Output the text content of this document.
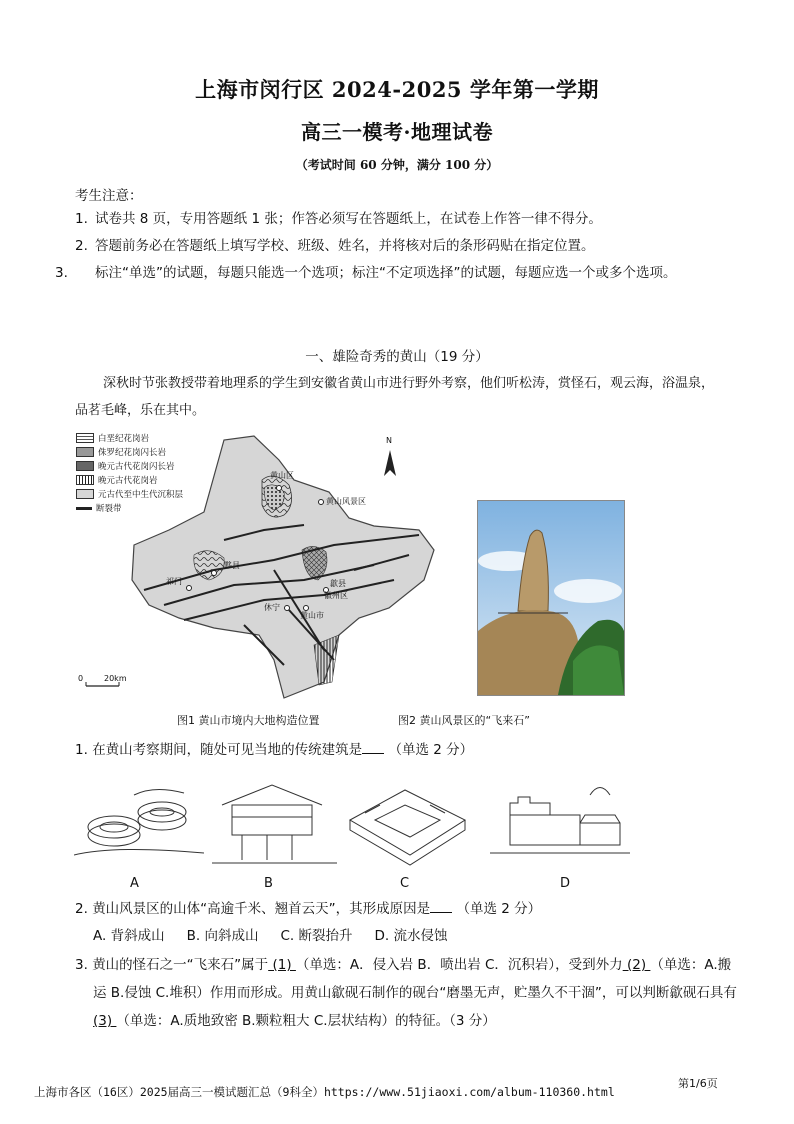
上海市闵行区 2024-2025 学年第一学期
高三一模考·地理试卷
（考试时间 60 分钟，满分 100 分）
考生注意：
1. 试卷共 8 页，专用答题纸 1 张；作答必须写在答题纸上，在试卷上作答一律不得分。
2. 答题前务必在答题纸上填写学校、班级、姓名，并将核对后的条形码贴在指定位置。
3. 标注“单选”的试题，每题只能选一个选项；标注“不定项选择”的试题，每题应选一个或多个选项。
一、雄险奇秀的黄山（19 分）
深秋时节张教授带着地理系的学生到安徽省黄山市进行野外考察，他们听松涛，赏怪石，观云海，浴温泉，品茗毛峰，乐在其中。
白垩纪花岗岩
侏罗纪花岗闪长岩
晚元古代花岗闪长岩
晚元古代花岗岩
元古代至中生代沉积层
断裂带
N
黄山区
黄山风景区
黟县
祁门	歙县
徽州区
休宁
黄山市
0	20km
图1 黄山市境内大地构造位置	图2 黄山风景区的“飞来石”
1. 在黄山考察期间，随处可见当地的传统建筑是 （单选 2 分）
A	B	C	D
2. 黄山风景区的山体“高逾千米、翘首云天”，其形成原因是 （单选 2 分）
A. 背斜成山 B. 向斜成山 C. 断裂抬升 D. 流水侵蚀
3. 黄山的怪石之一“飞来石”属于 (1) （单选：A．侵入岩 B．喷出岩 C．沉积岩），受到外力 (2) （单选：A.搬运 B.侵蚀 C.堆积）作用而形成。用黄山歙砚石制作的砚台“磨墨无声，贮墨久不干涸”，可以判断歙砚石具有 (3) （单选：A.质地致密 B.颗粒粗大 C.层状结构）的特征。（3 分）
第1/6页
上海市各区（16区）2025届高三一模试题汇总（9科全）https://www.51jiaoxi.com/album-110360.html
